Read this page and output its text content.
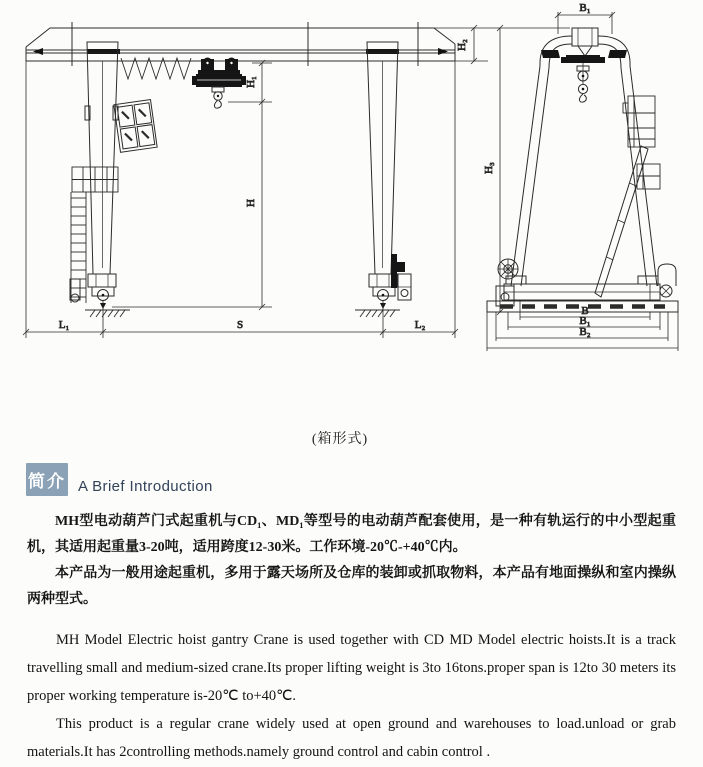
H₁
H
H₂
L₁	S	L₂
B₁
H₃
B
B₁
B₂
(箱形式)
简介 A Brief Introduction

MH型电动葫芦门式起重机与CD₁、MD₁等型号的电动葫芦配套使用，是一种有轨运行的中小型起重机，其适用起重量3-20吨，适用跨度12-30米。工作环境-20℃-+40℃内。

本产品为一般用途起重机，多用于露天场所及仓库的装卸或抓取物料，本产品有地面操纵和室内操纵两种型式。

MH Model Electric hoist gantry Crane is used together with CD MD Model electric hoists.It is a track travelling small and medium-sized crane.Its proper lifting weight is 3to 16tons.proper span is 12to 30 meters its proper working temperature is-20℃ to+40℃.

This product is a regular crane widely used at open ground and warehouses to load.unload or grab materials.It has 2controlling methods.namely ground control and cabin control .
